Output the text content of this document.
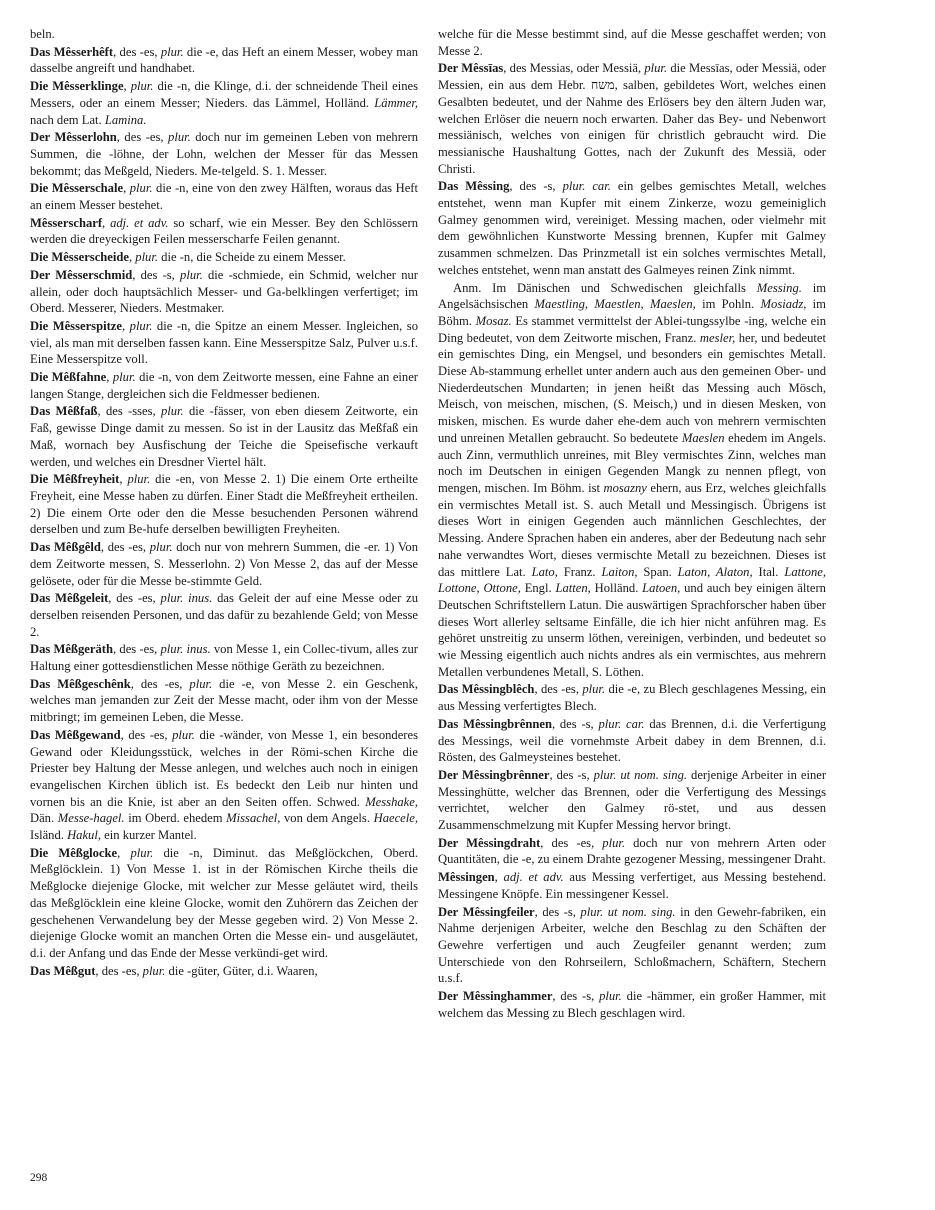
beln.

Das Mêsserhêft, des -es, plur. die -e, das Heft an einem Messer, wobey man dasselbe angreift und handhabet.

Die Mêsserklinge, plur. die -n, die Klinge, d.i. der schneidende Theil eines Messers, oder an einem Messer; Nieders. das Lämmel, Holländ. Lämmer, nach dem Lat. Lamina.

Der Mêsserlohn, des -es, plur. doch nur im gemeinen Leben von mehrern Summen, die -löhne, der Lohn, welchen der Messer für das Messen bekommt; das Meßgeld, Nieders. Me-telgeld. S. 1. Messer.

Die Mêsserschale, plur. die -n, eine von den zwey Hälften, woraus das Heft an einem Messer bestehet.

Mêsserscharf, adj. et adv. so scharf, wie ein Messer. Bey den Schlössern werden die dreyeckigen Feilen messerscharfe Feilen genannt.

Die Mêsserscheide, plur. die -n, die Scheide zu einem Messer.

Der Mêsserschmid, des -s, plur. die -schmiede, ein Schmid, welcher nur allein, oder doch hauptsächlich Messer- und Ga-belklingen verfertiget; im Oberd. Messerer, Nieders. Mestmaker.

Die Mêsserspitze, plur. die -n, die Spitze an einem Messer. Ingleichen, so viel, als man mit derselben fassen kann. Eine Messerspitze Salz, Pulver u.s.f. Eine Messerspitze voll.

Die Mêßfahne, plur. die -n, von dem Zeitworte messen, eine Fahne an einer langen Stange, dergleichen sich die Feldmesser bedienen.

Das Mêßfaß, des -sses, plur. die -fässer, von eben diesem Zeitworte, ein Faß, gewisse Dinge damit zu messen. So ist in der Lausitz das Meßfaß ein Maß, wornach bey Ausfischung der Teiche die Speisefische verkauft werden, und welches ein Dresdner Viertel hält.

Die Mêßfreyheit, plur. die -en, von Messe 2. 1) Die einem Orte ertheilte Freyheit, eine Messe haben zu dürfen. Einer Stadt die Meßfreyheit ertheilen. 2) Die einem Orte oder den die Messe besuchenden Personen während derselben und zum Be-hufe derselben bewilligten Freyheiten.

Das Mêßgêld, des -es, plur. doch nur von mehrern Summen, die -er. 1) Von dem Zeitworte messen, S. Messerlohn. 2) Von Messe 2, das auf der Messe gelösete, oder für die Messe be-stimmte Geld.

Das Mêßgeleit, des -es, plur. inus. das Geleit der auf eine Messe oder zu derselben reisenden Personen, und das dafür zu bezahlende Geld; von Messe 2.

Das Mêßgeräth, des -es, plur. inus. von Messe 1, ein Collec-tivum, alles zur Haltung einer gottesdienstlichen Messe nöthige Geräth zu bezeichnen.

Das Mêßgeschênk, des -es, plur. die -e, von Messe 2. ein Geschenk, welches man jemanden zur Zeit der Messe macht, oder ihm von der Messe mitbringt; im gemeinen Leben, die Messe.

Das Mêßgewand, des -es, plur. die -wänder, von Messe 1, ein besonderes Gewand oder Kleidungsstück, welches in der Römi-schen Kirche die Priester bey Haltung der Messe anlegen, und welches auch noch in einigen evangelischen Kirchen üblich ist. Es bedeckt den Leib nur hinten und vornen bis an die Knie, ist aber an den Seiten offen. Schwed. Messhake, Dän. Messe-hagel. im Oberd. ehedem Missachel, von dem Angels. Haecele, Isländ. Hakul, ein kurzer Mantel.

Die Mêßglocke, plur. die -n, Diminut. das Meßglöckchen, Oberd. Meßglöcklein. 1) Von Messe 1. ist in der Römischen Kirche theils die Meßglocke diejenige Glocke, mit welcher zur Messe geläutet wird, theils das Meßglöcklein eine kleine Glocke, womit den Zuhörern das Zeichen der geschehenen Verwandelung bey der Messe gegeben wird. 2) Von Messe 2. diejenige Glocke womit an manchen Orten die Messe ein- und ausgeläutet, d.i. der Anfang und das Ende der Messe verkündi-get wird.

Das Mêßgut, des -es, plur. die -güter, Güter, d.i. Waaren,

welche für die Messe bestimmt sind, auf die Messe geschaffet werden; von Messe 2.

Der Mêssīas, des Messias, oder Messiä, plur. die Messīas, oder Messiä, oder Messien, ein aus dem Hebr. משח, salben, gebildetes Wort, welches einen Gesalbten bedeutet, und der Nahme des Erlösers bey den ältern Juden war, welchen Erlöser die neuern noch erwarten. Daher das Bey- und Nebenwort messiänisch, welches von einigen für christlich gebraucht wird. Die messianische Haushaltung Gottes, nach der Zukunft des Messiä, oder Christi.

Das Mêssing, des -s, plur. car. ein gelbes gemischtes Metall, welches entstehet, wenn man Kupfer mit einem Zinkerze, wozu gemeiniglich Galmey genommen wird, vereiniget. Messing machen, oder vielmehr mit dem gewöhnlichen Kunstworte Messing brennen, Kupfer mit Galmey zusammen schmelzen. Das Prinzmetall ist ein solches vermischtes Metall, welches entstehet, wenn man anstatt des Galmeyes reinen Zink nimmt.

Anm. Im Dänischen und Schwedischen gleichfalls Messing. im Angelsächsischen Maestling, Maestlen, Maeslen, im Pohln. Mosiadz, im Böhm. Mosaz. Es stammet vermittelst der Ablei-tungssylbe -ing, welche ein Ding bedeutet, von dem Zeitworte mischen, Franz. mesler, her, und bedeutet ein gemischtes Ding, ein Mengsel, und besonders ein gemischtes Metall. Diese Ab-stammung erhellet unter andern auch aus den gemeinen Ober- und Niederdeutschen Mundarten; in jenen heißt das Messing auch Mösch, Meisch, von meischen, mischen, (S. Meisch,) und in diesen Mesken, von misken, mischen. Es wurde daher ehe-dem auch von mehrern vermischten und unreinen Metallen gebraucht. So bedeutete Maeslen ehedem im Angels. auch Zinn, vermuthlich unreines, mit Bley vermischtes Zinn, welches man noch im Deutschen in einigen Gegenden Mangk zu nennen pflegt, von mengen, mischen. Im Böhm. ist mosazny ehern, aus Erz, welches gleichfalls ein vermischtes Metall ist. S. auch Metall und Messingisch. Übrigens ist dieses Wort in einigen Gegenden auch männlichen Geschlechtes, der Messing. Andere Sprachen haben ein anderes, aber der Bedeutung nach sehr nahe verwandtes Wort, dieses vermischte Metall zu bezeichnen. Dieses ist das mittlere Lat. Lato, Franz. Laiton, Span. Laton, Alaton, Ital. Lattone, Lottone, Ottone, Engl. Latten, Holländ. Latoen, und auch bey einigen ältern Deutschen Schriftstellern Latun. Die auswärtigen Sprachforscher haben über dieses Wort allerley seltsame Einfälle, die ich hier nicht anführen mag. Es gehöret unstreitig zu unserm löthen, vereinigen, verbinden, und bedeutet so wie Messing eigentlich auch nichts andres als ein vermischtes, aus mehrern Metallen verbundenes Metall, S. Löthen.

Das Mêssingblêch, des -es, plur. die -e, zu Blech geschlagenes Messing, ein aus Messing verfertigtes Blech.

Das Mêssingbrênnen, des -s, plur. car. das Brennen, d.i. die Verfertigung des Messings, weil die vornehmste Arbeit dabey in dem Brennen, d.i. Rösten, des Galmeysteines bestehet.

Der Mêssingbrênner, des -s, plur. ut nom. sing. derjenige Arbeiter in einer Messinghütte, welcher das Brennen, oder die Verfertigung des Messings verrichtet, welcher den Galmey rö-stet, und aus dessen Zusammenschmelzung mit Kupfer Messing hervor bringt.

Der Mêssingdraht, des -es, plur. doch nur von mehrern Arten oder Quantitäten, die -e, zu einem Drahte gezogener Messing, messingener Draht.

Mêssingen, adj. et adv. aus Messing verfertiget, aus Messing bestehend. Messingene Knöpfe. Ein messingener Kessel.

Der Mêssingfeiler, des -s, plur. ut nom. sing. in den Gewehr-fabriken, ein Nahme derjenigen Arbeiter, welche den Beschlag zu den Schäften der Gewehre verfertigen und auch Zeugfeiler genannt werden; zum Unterschiede von den Rohrseilern, Schloßmachern, Schäftern, Stechern u.s.f.

Der Mêssinghammer, des -s, plur. die -hämmer, ein großer Hammer, mit welchem das Messing zu Blech geschlagen wird.

298
